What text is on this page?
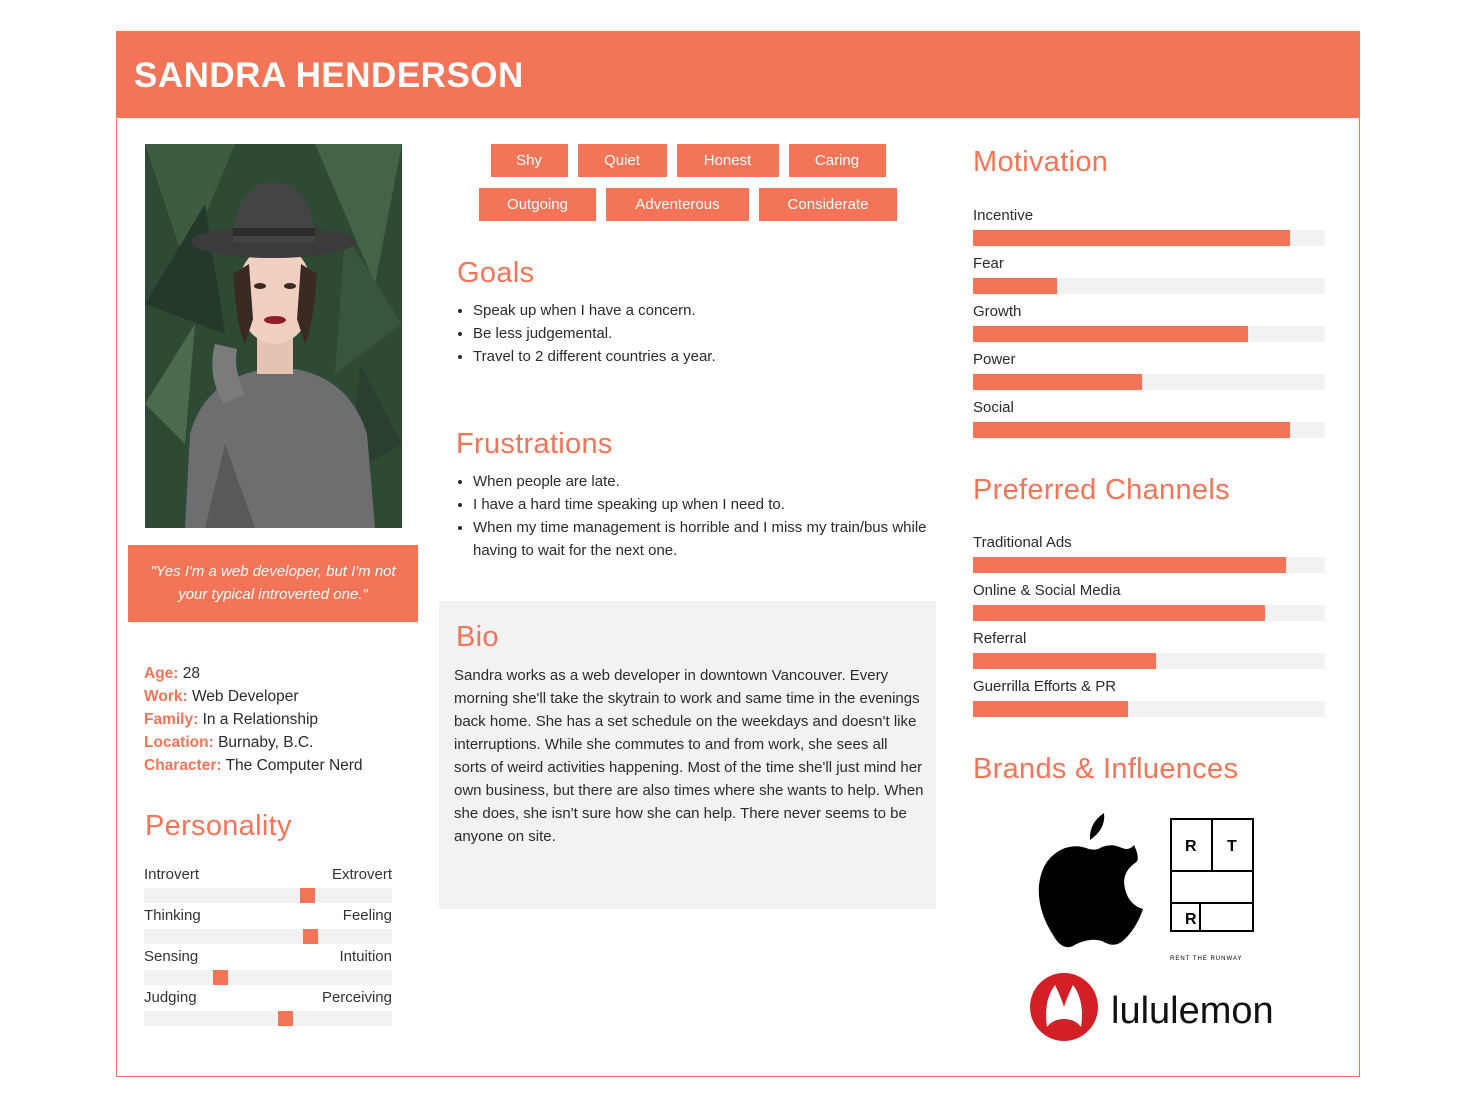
SANDRA HENDERSON
"Yes I'm a web developer, but I'm not your typical introverted one."
Age: 28
Work: Web Developer
Family: In a Relationship
Location: Burnaby, B.C.
Character: The Computer Nerd
Personality
Introvert	Extrovert
Thinking	Feeling
Sensing	Intuition
Judging	Perceiving
Shy	Quiet	Honest	Caring
Outgoing	Adventerous	Considerate
Goals
• Speak up when I have a concern.
• Be less judgemental.
• Travel to 2 different countries a year.
Frustrations
• When people are late.
• I have a hard time speaking up when I need to.
• When my time management is horrible and I miss my train/bus while having to wait for the next one.
Bio

Sandra works as a web developer in downtown Vancouver. Every morning she'll take the skytrain to work and same time in the evenings back home. She has a set schedule on the weekdays and doesn't like interruptions. While she commutes to and from work, she sees all sorts of weird activities happening. Most of the time she'll just mind her own business, but there are also times where she wants to help. When she does, she isn't sure how she can help. There never seems to be anyone on site.

Motivation
Incentive
Fear
Growth
Power
Social
Preferred Channels
Traditional Ads
Online & Social Media
Referral
Guerrilla Efforts & PR
Brands & Influences
R T
R
RENT THE RUNWAY
lululemon
